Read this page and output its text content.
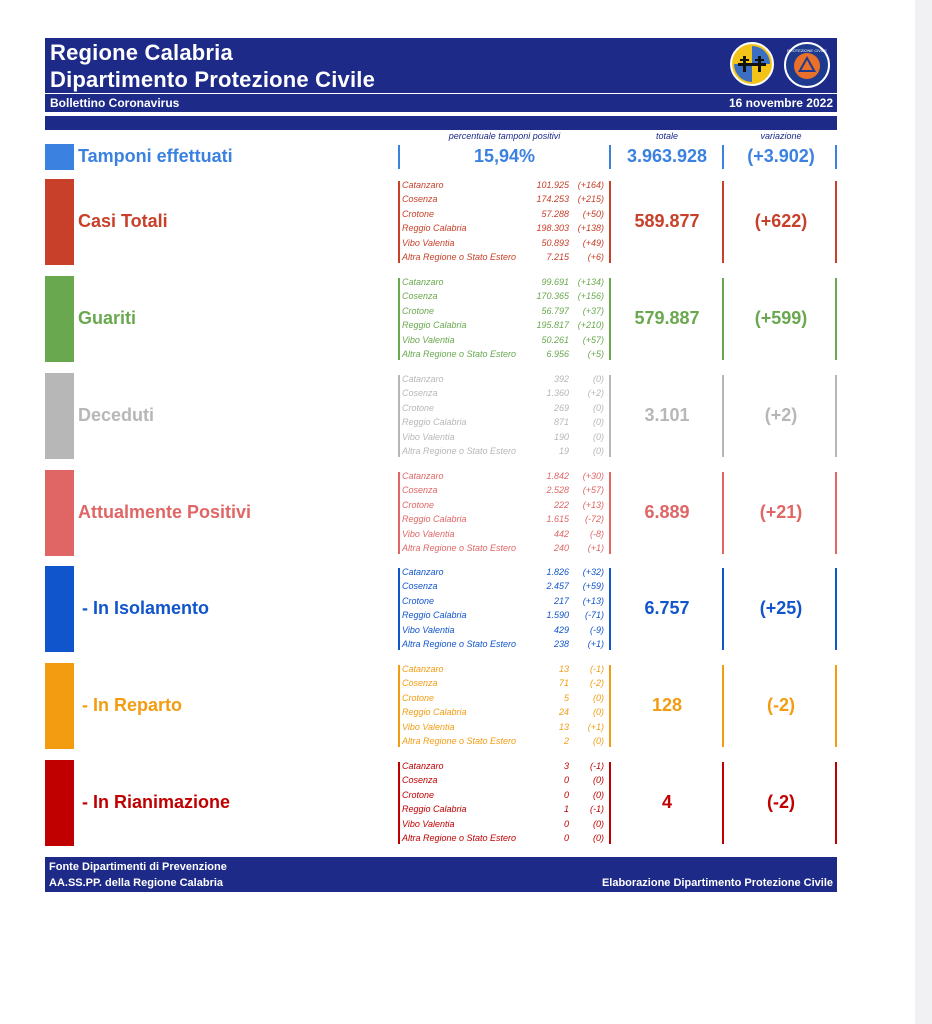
Regione Calabria
Dipartimento Protezione Civile
PROTEZIONE CIVILE
Bollettino Coronavirus	16 novembre 2022
percentuale tamponi positivi	totale	variazione
Tamponi effettuati	15,94%	3.963.928	(+3.902)
Casi Totali
Catanzaro	101.925 (+164)
Cosenza	174.253 (+215)
Crotone	57.288 (+50)
Reggio Calabria	198.303 (+138)
Vibo Valentia	50.893 (+49)
Altra Regione o Stato Estero	7.215 (+6)
589.877	(+622)
Guariti
Catanzaro	99.691 (+134)
Cosenza	170.365 (+156)
Crotone	56.797 (+37)
Reggio Calabria	195.817 (+210)
Vibo Valentia	50.261 (+57)
Altra Regione o Stato Estero	6.956 (+5)
579.887	(+599)
Deceduti
Catanzaro	392	(0)
Cosenza	1.360 (+2)
Crotone	269	(0)
Reggio Calabria	871	(0)
Vibo Valentia	190	(0)
Altra Regione o Stato Estero	19	(0)
3.101	(+2)
Attualmente Positivi
Catanzaro	1.842 (+30)
Cosenza	2.528 (+57)
Crotone	222 (+13)
Reggio Calabria	1.615 (-72)
Vibo Valentia	442 (-8)
Altra Regione o Stato Estero	240 (+1)
6.889	(+21)
- In Isolamento
Catanzaro	1.826 (+32)
Cosenza	2.457 (+59)
Crotone	217 (+13)
Reggio Calabria	1.590 (-71)
Vibo Valentia	429 (-9)
Altra Regione o Stato Estero	238 (+1)
6.757	(+25)
- In Reparto
Catanzaro	13 (-1)
Cosenza	71 (-2)
Crotone	5	(0)
Reggio Calabria	24	(0)
Vibo Valentia	13 (+1)
Altra Regione o Stato Estero	2	(0)
128	(-2)
- In Rianimazione
Catanzaro	3 (-1)
Cosenza	0	(0)
Crotone	0	(0)
Reggio Calabria	1 (-1)
Vibo Valentia	0	(0)
Altra Regione o Stato Estero	0	(0)
4	(-2)
Fonte Dipartimenti di Prevenzione
AA.SS.PP. della Regione Calabria	Elaborazione Dipartimento Protezione Civile
